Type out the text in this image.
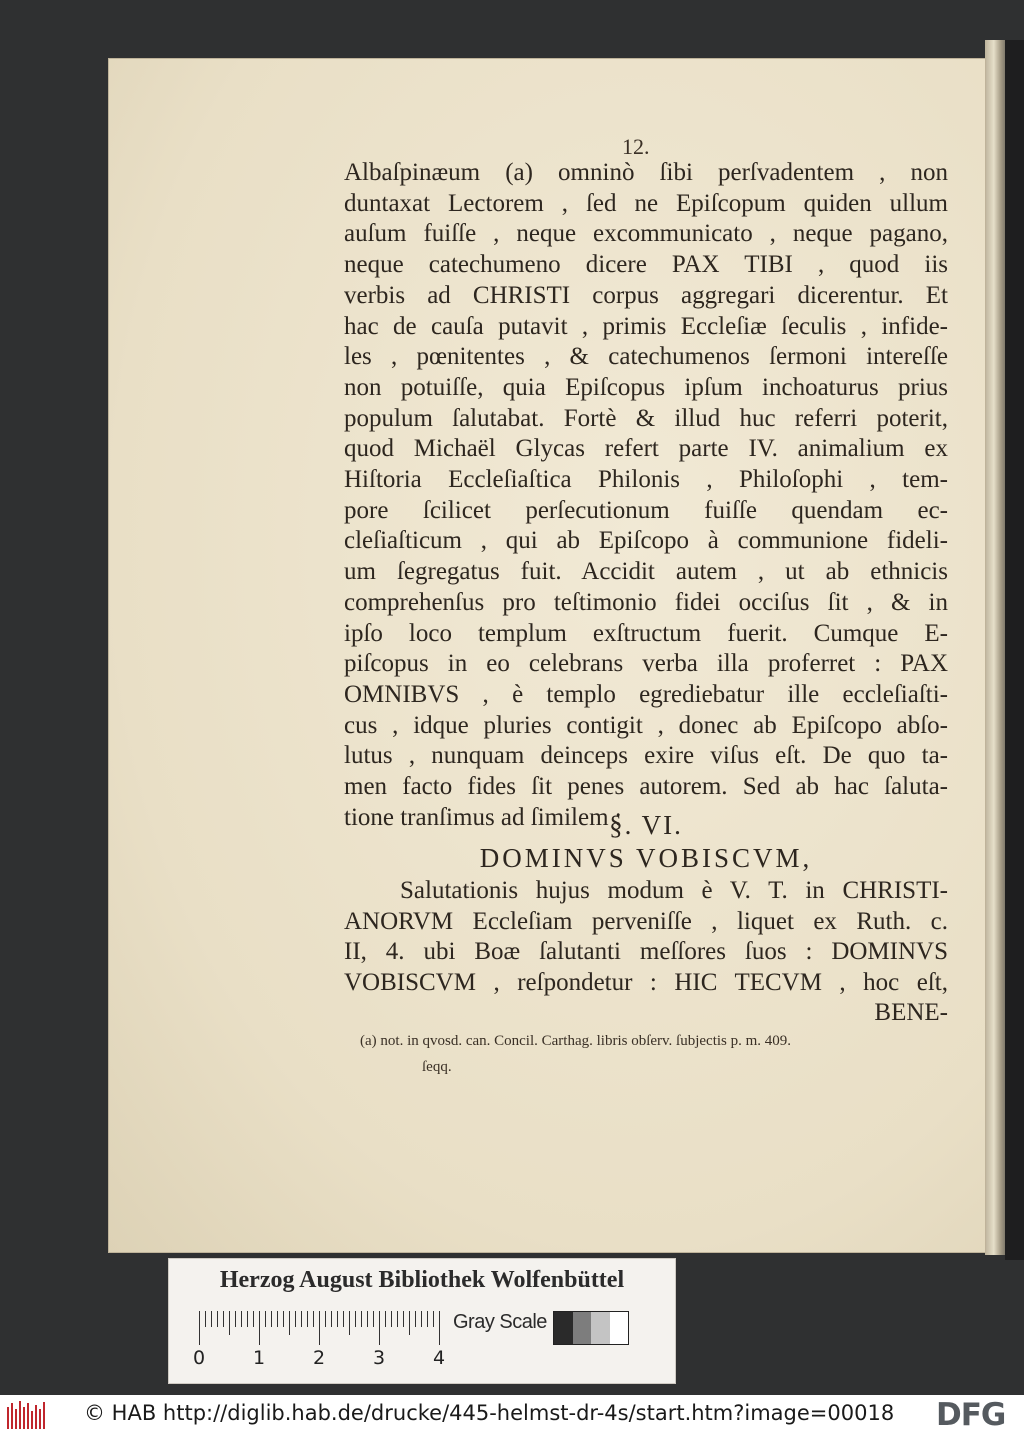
12.
Albaſpinæum (a) omninò ſibi perſvadentem , non
duntaxat Lectorem , ſed ne Epiſcopum quiden ullum
auſum fuiſſe , neque excommunicato , neque pagano,
neque catechumeno dicere PAX TIBI , quod iis
verbis ad CHRISTI corpus aggregari dicerentur. Et
hac de cauſa putavit , primis Eccleſiæ ſeculis , infide-
les , pœnitentes , & catechumenos ſermoni intereſſe
non potuiſſe, quia Epiſcopus ipſum inchoaturus prius
populum ſalutabat. Fortè & illud huc referri poterit,
quod Michaël Glycas refert parte IV. animalium ex
Hiſtoria Eccleſiaſtica Philonis , Philoſophi , tem-
pore ſcilicet perſecutionum fuiſſe quendam ec-
cleſiaſticum , qui ab Epiſcopo à communione fideli-
um ſegregatus fuit. Accidit autem , ut ab ethnicis
comprehenſus pro teſtimonio fidei occiſus ſit , & in
ipſo loco templum exſtructum fuerit. Cumque E-
piſcopus in eo celebrans verba illa proferret : PAX
OMNIBVS , è templo egrediebatur ille eccleſiaſti-
cus , idque pluries contigit , donec ab Epiſcopo abſo-
lutus , nunquam deinceps exire viſus eſt. De quo ta-
men facto fides ſit penes autorem. Sed ab hac ſaluta-
tione tranſimus ad ſimilem :
§. VI.
DOMINVS VOBISCVM,
Salutationis hujus modum è V. T. in CHRISTI-
ANORVM Eccleſiam perveniſſe , liquet ex Ruth. c.
II, 4. ubi Boæ ſalutanti meſſores ſuos : DOMINVS
VOBISCVM , reſpondetur : HIC TECVM , hoc eſt,
BENE-
(a) not. in qvosd. can. Concil. Carthag. libris obſerv. ſubjectis p. m. 409.
ſeqq.
Herzog August Bibliothek Wolfenbüttel
0	1	2	3	4
Gray Scale
© HAB http://diglib.hab.de/drucke/445-helmst-dr-4s/start.htm?image=00018 DFG
